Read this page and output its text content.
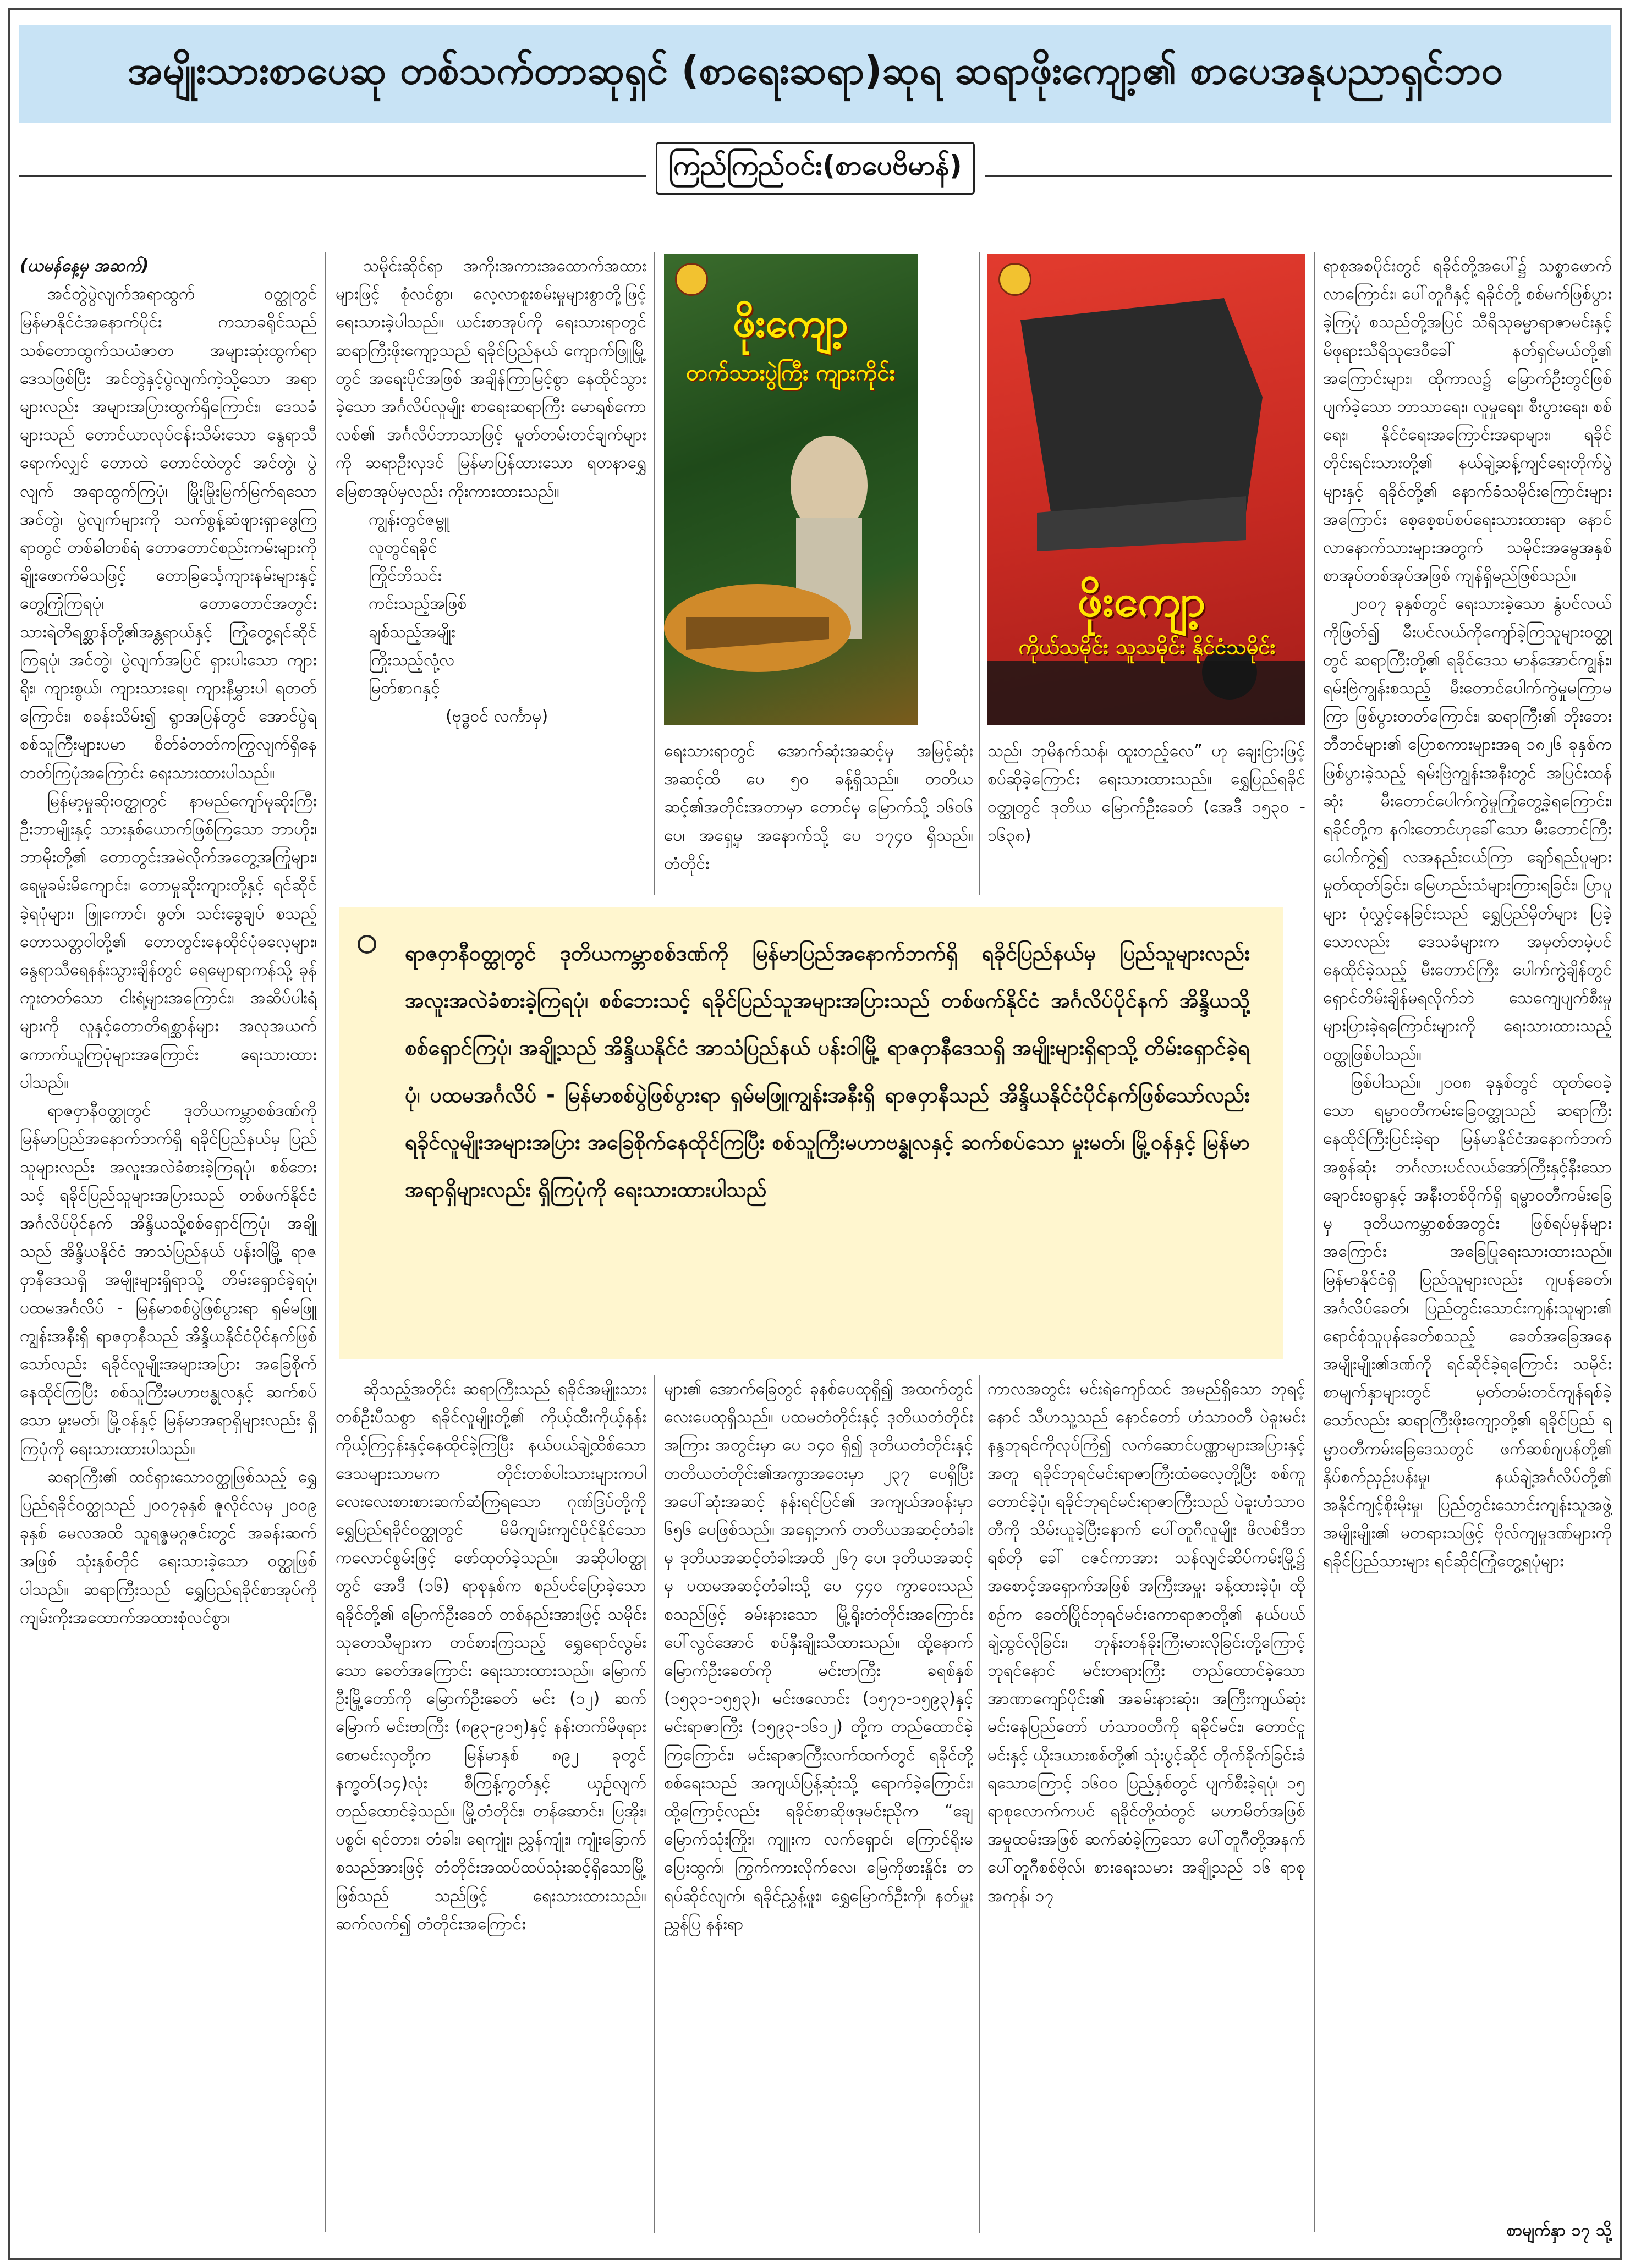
အမျိုးသားစာပေဆု တစ်သက်တာဆုရှင် (စာရေးဆရာ)ဆုရ ဆရာဖိုးကျော့၏ စာပေအနုပညာရှင်ဘဝ
ကြည်ကြည်ဝင်း(စာပေဗိမာန်)

(ယမန်နေ့မှ အဆက်)

အင်တွဲပွဲလျက်အရာထွက် ဝတ္ထုတွင် မြန်မာနိုင်ငံအနောက်ပိုင်း ကသာခရိုင်သည် သစ်တောထွက်သယံဇာတ အများဆုံးထွက်ရာ ဒေသဖြစ်ပြီး အင်တွဲနှင့်ပွဲလျက်ကဲ့သို့သော အရာများလည်း အများအပြားထွက်ရှိကြောင်း၊ ဒေသခံများသည် တောင်ယာလုပ်ငန်းသိမ်းသော နွေရာသီရောက်လျှင် တောထဲ တောင်ထဲတွင် အင်တွဲ၊ ပွဲလျက် အရာထွက်ကြပုံ၊ မြိုးမြိုးမြက်မြက်ရသော အင်တွဲ၊ ပွဲလျက်များကို သက်စွန့်ဆံဖျားရှာဖွေကြရာတွင် တစ်ခါတစ်ရံ တောတောင်စည်းကမ်းများကို ချိုးဖောက်မိသဖြင့် တောခြင်္သေ့ကျားနမ်းများနှင့် တွေ့ကြုံကြရပုံ၊ တောတောင်အတွင်း သားရဲတိရစ္ဆာန်တို့၏အန္တရာယ်နှင့် ကြုံတွေ့ရင်ဆိုင်ကြရပုံ၊ အင်တွဲ၊ ပွဲလျက်အပြင် ရှားပါးသော ကျားရိုး၊ ကျားစွယ်၊ ကျားသားရေ၊ ကျားနီမွှားပါ ရတတ်ကြောင်း၊ စခန်းသိမ်း၍ ရွာအပြန်တွင် အောင်ပွဲရ စစ်သူကြီးများပမာ စိတ်ခံတတ်ကကြွလျက်ရှိနေတတ်ကြပုံအကြောင်း ရေးသားထားပါသည်။

မြန်မာ့မှုဆိုးဝတ္ထုတွင် နာမည်ကျော်မုဆိုးကြီး ဦးဘာမျိုးနှင့် သားနှစ်ယောက်ဖြစ်ကြသော ဘာဟိုး၊ ဘာမိုးတို့၏ တောတွင်းအမဲလိုက်အတွေ့အကြုံများ၊ ရေမူခမ်းမိကျောင်း၊ တောမှုဆိုးကျားတို့နှင့် ရင်ဆိုင်ခဲ့ရပုံများ၊ ဖြူကောင်၊ ဖွတ်၊ သင်းခွေချပ် စသည့်တောသတ္တဝါတို့၏ တောတွင်းနေထိုင်ပုံဓလေ့များ၊ နွေရာသီရေနန်းသွားချိန်တွင် ရေမျောရာကန်သို့ ခုန်ကူးတတ်သော ငါးရံ့များအကြောင်း၊ အဆိပ်ပါးရံ့များကို လူနှင့်တောတိရစ္ဆာန်များ အလုအယက်ကောက်ယူကြပုံများအကြောင်း ရေးသားထားပါသည်။

ရာဇဝှာနီဝတ္ထုတွင် ဒုတိယကမ္ဘာစစ်ဒဏ်ကို မြန်မာပြည်အနောက်ဘက်ရှိ ရခိုင်ပြည်နယ်မှ ပြည်သူများလည်း အလူးအလဲခံစားခဲ့ကြရပုံ၊ စစ်ဘေးသင့် ရခိုင်ပြည်သူများအပြားသည် တစ်ဖက်နိုင်ငံ အင်္ဂလိပ်ပိုင်နက် အိန္ဒိယသို့စစ်ရှောင်ကြပုံ၊ အချို့သည် အိန္ဒိယနိုင်ငံ အာသံပြည်နယ် ပန်းဝါမြို့ ရာဇဝှာနီဒေသရှိ အမျိုးများရှိရာသို့ တိမ်းရှောင်ခဲ့ရပုံ၊ ပထမအင်္ဂလိပ် - မြန်မာစစ်ပွဲဖြစ်ပွားရာ ရှမ်မဖြူကျွန်းအနီးရှိ ရာဇဝှာနီသည် အိန္ဒိယနိုင်ငံပိုင်နက်ဖြစ်သော်လည်း ရခိုင်လူမျိုးအများအပြား အခြေစိုက်နေထိုင်ကြပြီး စစ်သူကြီးမဟာဗန္ဓုလနှင့် ဆက်စပ်သော မှုးမတ်၊ မြို့ဝန်နှင့် မြန်မာအရာရှိများလည်း ရှိကြပုံကို ရေးသားထားပါသည်။

ဆရာကြီး၏ ထင်ရှားသောဝတ္ထုဖြစ်သည့် ရွှေပြည်ရခိုင်ဝတ္ထုသည် ၂၀၀၇ခုနှစ် ဇူလိုင်လမှ ၂၀၀၉ ခုနှစ် မေလအထိ သူရဇ္ဇမဂ္ဂဇင်းတွင် အခန်းဆက်အဖြစ် သုံးနှစ်တိုင် ရေးသားခဲ့သော ဝတ္ထုဖြစ်ပါသည်။ ဆရာကြီးသည် ရွှေပြည်ရခိုင်စာအုပ်ကို ကျမ်းကိုးအထောက်အထားစုံလင်စွာ၊

သမိုင်းဆိုင်ရာ အကိုးအကားအထောက်အထားများဖြင့် စုံလင်စွာ၊ လေ့လာစူးစမ်းမှုများစွာတို့ဖြင့် ရေးသားခဲ့ပါသည်။ ယင်းစာအုပ်ကို ရေးသားရာတွင် ဆရာကြီးဖိုးကျော့သည် ရခိုင်ပြည်နယ် ကျောက်ဖြူမြို့တွင် အရေးပိုင်အဖြစ် အချိန်ကြာမြင့်စွာ နေထိုင်သွားခဲ့သော အင်္ဂလိပ်လူမျိုး စာရေးဆရာကြီး မောရစ်ကောလစ်၏ အင်္ဂလိပ်ဘာသာဖြင့် မူတ်တမ်းတင်ချက်များကို ဆရာဦးလှဒင် မြန်မာပြန်ထားသော ရတနာရွှေမြေစာအုပ်မှလည်း ကိုးကားထားသည်။

ကျွန်းတွင်ဇမ္ဗူ

လူတွင်ရခိုင်

ကြိုင်ဘိသင်း

ကင်းသည့်အဖြစ်

ချစ်သည့်အမျိုး

ကြိုးသည့်လုံ့လ

မြတ်စာဂနှင့်

(ဗုဒ္ဓဝင် လင်္ကာမှ)

ဖိုးကျော့
တက်သားပွဲကြီး ကျားကိုင်း
ဖိုးကျော့
ကိုယ်သမိုင်း သူသမိုင်း နိုင်ငံသမိုင်း

ရေးသားရာတွင် အောက်ဆုံးအဆင့်မှ အမြင့်ဆုံးအဆင့်ထိ ပေ ၅၀ ခန့်ရှိသည်။ တတိယဆင့်၏အတိုင်းအတာမှာ တောင်မှ မြောက်သို့ ၁၆၀၆ ပေ၊ အရှေ့မှ အနောက်သို့ ပေ ၁၇၄၀ ရှိသည်။ တံတိုင်း

သည်၊ ဘုမိနက်သန်၊ ထူးတည့်လေ” ဟု ချေးငြားဖြင့် စပ်ဆိုခဲ့ကြောင်း ရေးသားထားသည်။ ရွှေပြည်ရခိုင်ဝတ္ထုတွင် ဒုတိယ မြောက်ဦးခေတ် (အေဒီ ၁၅၃၀ - ၁၆၃၈)

ရာဇဝှာနီဝတ္ထုတွင် ဒုတိယကမ္ဘာစစ်ဒဏ်ကို မြန်မာပြည်အနောက်ဘက်ရှိ ရခိုင်ပြည်နယ်မှ ပြည်သူများလည်း အလူးအလဲခံစားခဲ့ကြရပုံ၊ စစ်ဘေးသင့် ရခိုင်ပြည်သူအများအပြားသည် တစ်ဖက်နိုင်ငံ အင်္ဂလိပ်ပိုင်နက် အိန္ဒိယသို့စစ်ရှောင်ကြပုံ၊ အချို့သည် အိန္ဒိယနိုင်ငံ အာသံပြည်နယ် ပန်းဝါမြို့ ရာဇဝှာနီဒေသရှိ အမျိုးများရှိရာသို့ တိမ်းရှောင်ခဲ့ရပုံ၊ ပထမအင်္ဂလိပ် - မြန်မာစစ်ပွဲဖြစ်ပွားရာ ရှမ်မဖြူကျွန်းအနီးရှိ ရာဇဝှာနီသည် အိန္ဒိယနိုင်ငံပိုင်နက်ဖြစ်သော်လည်း ရခိုင်လူမျိုးအများအပြား အခြေစိုက်နေထိုင်ကြပြီး စစ်သူကြီးမဟာဗန္ဓုလနှင့် ဆက်စပ်သော မှုးမတ်၊ မြို့ဝန်နှင့် မြန်မာအရာရှိများလည်း ရှိကြပုံကို ရေးသားထားပါသည်

ရာစုအစပိုင်းတွင် ရခိုင်တို့အပေါ်၌ သစ္စာဖောက်လာကြောင်း၊ ပေါ်တူဂီနှင့် ရခိုင်တို့ စစ်မက်ဖြစ်ပွားခဲ့ကြပုံ စသည်တို့အပြင် သီရိသုဓမ္မာရာဇာမင်းနှင့် မိဖုရားသီရိသုဒေဝီခေါ် နတ်ရှင်မယ်တို့၏ အကြောင်းများ၊ ထိုကာလ၌ မြောက်ဦးတွင်ဖြစ်ပျက်ခဲ့သော ဘာသာရေး၊ လူမှုရေး၊ စီးပွားရေး၊ စစ်ရေး၊ နိုင်ငံရေးအကြောင်းအရာများ၊ ရခိုင်တိုင်းရင်းသားတို့၏ နယ်ချဲ့ဆန့်ကျင်ရေးတိုက်ပွဲများနှင့် ရခိုင်တို့၏ နောက်ခံသမိုင်းကြောင်းများအကြောင်း စေ့စေ့စပ်စပ်ရေးသားထားရာ နောင်လာနောက်သားများအတွက် သမိုင်းအမွေအနှစ် စာအုပ်တစ်အုပ်အဖြစ် ကျန်ရှိမည်ဖြစ်သည်။

၂၀၀၇ ခုနှစ်တွင် ရေးသားခဲ့သော နွံပင်လယ်ကိုဖြတ်၍ မီးပင်လယ်ကိုကျော်ခဲ့ကြသူများဝတ္ထုတွင် ဆရာကြီးတို့၏ ရခိုင်ဒေသ မာန်အောင်ကျွန်း၊ ရမ်းဗြဲကျွန်းစသည့် မီးတောင်ပေါက်ကွဲမှုမကြာမကြာ ဖြစ်ပွားတတ်ကြောင်း၊ ဆရာကြီး၏ ဘိုးဘေးဘီဘင်များ၏ ပြောစကားများအရ ၁၈၂၆ ခုနှစ်ကဖြစ်ပွားခဲ့သည့် ရမ်းဗြဲကျွန်းအနီးတွင် အပြင်းထန်ဆုံး မီးတောင်ပေါက်ကွဲမှုကြုံတွေ့ခဲ့ရကြောင်း၊ ရခိုင်တို့က နဂါးတောင်ဟုခေါ်သော မီးတောင်ကြီးပေါက်ကွဲ၍ လအနည်းငယ်ကြာ ချော်ရည်ပူများ မှုတ်ထုတ်ခြင်း၊ မြေဟည်းသံများကြားရခြင်း၊ ပြာပူများ ပုံလွှင့်နေခြင်းသည် ရွှေပြည်မှိတ်များ ပြခဲ့သောလည်း ဒေသခံများက အမှတ်တမဲ့ပင် နေထိုင်ခဲ့သည့် မီးတောင်ကြီး ပေါက်ကွဲချိန်တွင် ရှောင်တိမ်းချိန်မရလိုက်ဘဲ သေကျေပျက်စီးမှု များပြားခဲ့ရကြောင်းများကို ရေးသားထားသည့် ဝတ္ထုဖြစ်ပါသည်။

ဖြစ်ပါသည်။ ၂၀၀၈ ခုနှစ်တွင် ထုတ်ဝေခဲ့သော ရမ္မာဝတီကမ်းခြေဝတ္ထုသည် ဆရာကြီးနေထိုင်ကြီးပြင်းခဲ့ရာ မြန်မာနိုင်ငံအနောက်ဘက်အစွန်ဆုံး ဘင်္ဂလားပင်လယ်အော်ကြီးနှင့်နီးသော ချောင်းဝရွာနှင့် အနီးတစ်ဝိုက်ရှိ ရမ္မာဝတီကမ်းခြေမှ ဒုတိယကမ္ဘာစစ်အတွင်း ဖြစ်ရပ်မှန်များအကြောင်း အခြေပြုရေးသားထားသည်။ မြန်မာနိုင်ငံရှိ ပြည်သူများလည်း ဂျပန်ခေတ်၊ အင်္ဂလိပ်ခေတ်၊ ပြည်တွင်းသောင်းကျန်းသူများ၏ ရောင်စုံသူပုန်ခေတ်စသည့် ခေတ်အခြေအနေအမျိုးမျိုး၏ဒဏ်ကို ရင်ဆိုင်ခဲ့ရကြောင်း သမိုင်းစာမျက်နှာများတွင် မှတ်တမ်းတင်ကျန်ရစ်ခဲ့သော်လည်း ဆရာကြီးဖိုးကျော့တို့၏ ရခိုင်ပြည် ရမ္မာဝတီကမ်းခြေဒေသတွင် ဖက်ဆစ်ဂျပန်တို့၏ နှိပ်စက်ညှဉ်းပန်းမှု၊ နယ်ချဲ့အင်္ဂလိပ်တို့၏ အနိုင်ကျင့်စိုးမိုးမှု၊ ပြည်တွင်းသောင်းကျန်းသူအဖွဲ့အမျိုးမျိုး၏ မတရားသဖြင့် ဗိုလ်ကျမှုဒဏ်များကို ရခိုင်ပြည်သားများ ရင်ဆိုင်ကြုံတွေ့ရပုံများ

ဆိုသည့်အတိုင်း ဆရာကြီးသည် ရခိုင်အမျိုးသားတစ်ဦးပီသစွာ ရခိုင်လူမျိုးတို့၏ ကိုယ့်ထီးကိုယ့်နန်း ကိုယ့်ကြငှန်းနှင့်နေထိုင်ခဲ့ကြပြီး နယ်ပယ်ချဲ့ထိစ်သော ဒေသများသာမက တိုင်းတစ်ပါးသားများကပါ လေးလေးစားစားဆက်ဆံကြရသော ဂုဏ်ဒြပ်တို့ကို ရွှေပြည်ရခိုင်ဝတ္ထုတွင် မိမိကျမ်းကျင်ပိုင်နိုင်သော ကလောင်စွမ်းဖြင့် ဖော်ထုတ်ခဲ့သည်။ အဆိုပါဝတ္ထုတွင် အေဒီ (၁၆) ရာစုနှစ်က စည်ပင်ပြောခဲ့သော ရခိုင်တို့၏ မြောက်ဦးခေတ် တစ်နည်းအားဖြင့် သမိုင်းသုတေသီများက တင်စားကြသည့် ရွှေရောင်လွမ်းသော ခေတ်အကြောင်း ရေးသားထားသည်။ မြောက်ဦးမြို့တော်ကို မြောက်ဦးခေတ် မင်း (၁၂) ဆက်မြောက် မင်းဗာကြီး (၈၉၃-၉၁၅)နှင့် နန်းတက်မိဖုရား စောမင်းလှတို့က မြန်မာနှစ် ၈၉၂ ခုတွင် နက္ခတ်(၁၄)လုံး စီကြန့်ကွတ်နှင့် ယှဉ်လျက်တည်ထောင်ခဲ့သည်။ မြို့တံတိုင်း၊ တန်ဆောင်း၊ ပြအိုး၊ ပစ္စင်၊ ရင်တား၊ တံခါး၊ ရေကျုံး၊ ညွှန်ကျုံး၊ ကျုံးခြောက် စသည်အားဖြင့် တံတိုင်းအထပ်ထပ်သုံးဆင့်ရှိသောမြို့ဖြစ်သည် သည်ဖြင့် ရေးသားထားသည်။ ဆက်လက်၍ တံတိုင်းအကြောင်း

များ၏ အောက်ခြေတွင် ခုနစ်ပေထုရှိ၍ အထက်တွင် လေးပေထုရှိသည်။ ပထမတံတိုင်းနှင့် ဒုတိယတံတိုင်းအကြား အတွင်းမှာ ပေ ၁၄၀ ရှိ၍ ဒုတိယတံတိုင်းနှင့် တတိယတံတိုင်း၏အကွာအဝေးမှာ ၂၃၇ ပေရှိပြီး အပေါ်ဆုံးအဆင့် နန်းရင်ပြင်၏ အကျယ်အဝန်းမှာ ၆၅၆ ပေဖြစ်သည်။ အရှေ့ဘက် တတိယအဆင့်တံခါးမှ ဒုတိယအဆင့်တံခါးအထိ ၂၆၇ ပေ၊ ဒုတိယအဆင့်မှ ပထမအဆင့်တံခါးသို့ ပေ ၄၄၀ ကွာဝေးသည် စသည်ဖြင့် ခမ်းနားသော မြို့ရိုးတံတိုင်းအကြောင်း ပေါ်လွင်အောင် စပ်နှီးချိုးသီထားသည်။ ထို့နောက် မြောက်ဦးခေတ်ကို မင်းဗာကြီး ခရစ်နှစ် (၁၅၃၁-၁၅၅၃)၊ မင်းဖလောင်း (၁၅၇၁-၁၅၉၃)နှင့် မင်းရာဇာကြီး (၁၅၉၃-၁၆၁၂) တို့က တည်ထောင်ခဲ့ကြကြောင်း၊ မင်းရာဇာကြီးလက်ထက်တွင် ရခိုင်တို့စစ်ရေးသည် အကျယ်ပြန့်ဆုံးသို့ ရောက်ခဲ့ကြောင်း၊ ထို့ကြောင့်လည်း ရခိုင်စာဆိုဖဒုမင်းညိုက “ချေမြောက်သုံးကြိုး၊ ကျူးက လက်ရှောင်၊ ကြောင်ရိုးမပြေးထွက်၊ ကြွက်ကားလိုက်လေ၊ မြေကိုဖားနှိုင်း တရပ်ဆိုင်လျက်၊ ရခိုင်ညွှန့်ဖူး၊ ရွှေမြောက်ဦးကို၊ နတ်မှူးညွှန်ပြ နန်းရာ

ကာလအတွင်း မင်းရဲကျော်ထင် အမည်ရှိသော ဘုရင့်နောင် သီဟသူ့သည် နောင်တော် ဟံသာဝတီ ပဲခူးမင်း နန္ဒဘုရင်ကိုလုပ်ကြံ၍ လက်ဆောင်ပဏ္ဏာများအပြားနှင့်အတူ ရခိုင်ဘုရင်မင်းရာဇာကြီးထံဓလေ့တို့ပြီး စစ်ကူတောင်ခဲ့ပုံ၊ ရခိုင်ဘုရင်မင်းရာဇာကြီးသည် ပဲခူးဟံသာဝတီကို သိမ်းယူခဲ့ပြီးနောက် ပေါ်တူဂီလူမျိုး ဖိလစ်ဒီဘရစ်တို ခေါ် ငဇင်ကာအား သန်လျင်ဆိပ်ကမ်းမြို့၌ အစောင့်အရှောက်အဖြစ် အကြီးအမှူး ခန့်ထားခဲ့ပုံ၊ ထိုစဉ်က ခေတ်ပြိုင်ဘုရင်မင်းကောရာဇာတို့၏ နယ်ပယ်ချဲ့ထွင်လိုခြင်း၊ ဘုန်းတန်ခိုးကြီးမားလိုခြင်းတို့ကြောင့် ဘုရင်နောင် မင်းတရားကြီး တည်ထောင်ခဲ့သော အာဏာကျော်ပိုင်း၏ အခမ်းနားဆုံး၊ အကြီးကျယ်ဆုံး မင်းနေပြည်တော် ဟံသာဝတီကို ရခိုင်မင်း၊ တောင်ငူမင်းနှင့် ယိုးဒယားစစ်တို့၏ သုံးပွင့်ဆိုင် တိုက်ခိုက်ခြင်းခံရသောကြောင့် ၁၆၀၀ ပြည့်နှစ်တွင် ပျက်စီးခဲ့ရပုံ၊ ၁၅ ရာစုလောက်ကပင် ရခိုင်တို့ထံတွင် မဟာမိတ်အဖြစ် အမှုထမ်းအဖြစ် ဆက်ဆံခဲ့ကြသော ပေါ်တူဂီတို့အနက် ပေါ်တူဂီစစ်ဗိုလ်၊ စားရေးသမား အချို့သည် ၁၆ ရာစုအကုန်၊ ၁၇

စာမျက်နှာ ၁၇ သို့
